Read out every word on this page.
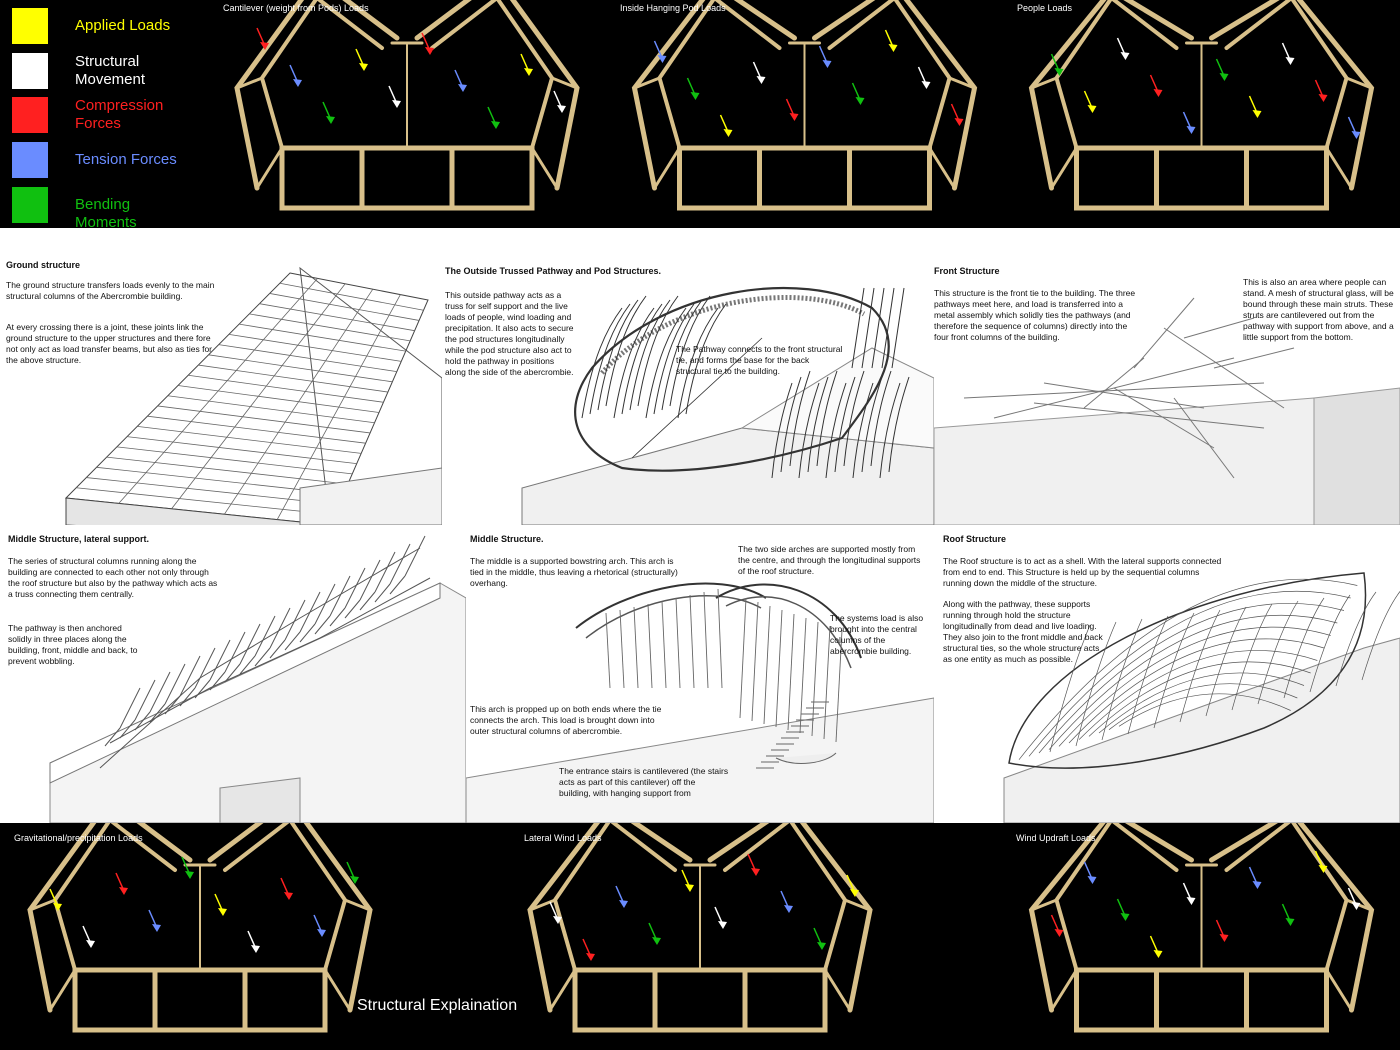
Applied Loads
Structural Movement
Compression Forces
Tension Forces
Bending Moments
Cantilever (weight from Pods) Loads	Inside Hanging Pod Loads	People Loads
Ground structure
The ground structure transfers loads evenly to the main structural columns of the Abercrombie building.
At every crossing there is a joint, these joints link the ground structure to the upper structures and there fore not only act as load transfer beams, but also as ties for the above structure.
The Outside Trussed Pathway and Pod Structures.
This outside pathway acts as a truss for self support and the live loads of people, wind loading and precipitation. It also acts to secure the pod structures longitudinally while the pod structure also act to hold the pathway in positions along the side of the abercrombie.
The Pathway connects to the front structural tie, and forms the base for the back structural tie to the building.
Front Structure
This structure is the front tie to the building. The three pathways meet here, and load is transferred into a metal assembly which solidly ties the pathways (and therefore the sequence of columns) directly into the four front columns of the building.
This is also an area where people can stand. A mesh of structural glass, will be bound through these main struts. These struts are cantilevered out from the pathway with support from above, and a little support from the bottom.
Middle Structure, lateral support.
The series of structural columns running along the building are connected to each other not only through the roof structure but also by the pathway which acts as a truss connecting them centrally.
The pathway is then anchored solidly in three places along the building, front, middle and back, to prevent wobbling.
Middle Structure.
The middle is a supported bowstring arch. This arch is tied in the middle, thus leaving a rhetorical (structurally) overhang.
The two side arches are supported mostly from the centre, and through the longitudinal supports of the roof structure.
The systems load is also brought into the central columns of the abercrombie building.
This arch is propped up on both ends where the tie connects the arch. This load is brought down into outer structural columns of abercrombie.
The entrance stairs is cantilevered (the stairs acts as part of this cantilever) off the building, with hanging support from
Roof Structure
The Roof structure is to act as a shell. With the lateral supports connected from end to end. This Structure is held up by the sequential columns running down the middle of the structure.
Along with the pathway, these supports running through hold the structure longitudinally from dead and live loading. They also join to the front middle and back structural ties, so the whole structure acts as one entity as much as possible.
Gravitational/precipitation Loads	Lateral Wind Loads	Wind Updraft Loads
Structural Explaination
